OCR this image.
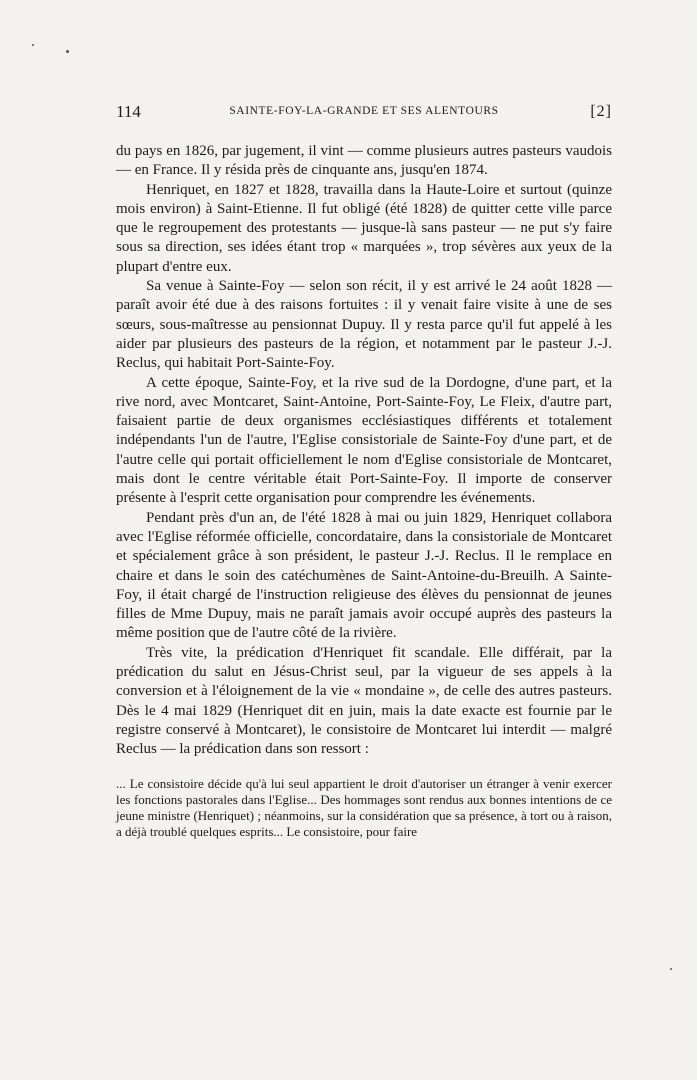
114	SAINTE-FOY-LA-GRANDE ET SES ALENTOURS	[2]

du pays en 1826, par jugement, il vint — comme plusieurs autres pasteurs vaudois — en France. Il y résida près de cinquante ans, jusqu'en 1874.

Henriquet, en 1827 et 1828, travailla dans la Haute-Loire et surtout (quinze mois environ) à Saint-Etienne. Il fut obligé (été 1828) de quitter cette ville parce que le regroupement des protestants — jusque-là sans pasteur — ne put s'y faire sous sa direction, ses idées étant trop « marquées », trop sévères aux yeux de la plupart d'entre eux.

Sa venue à Sainte-Foy — selon son récit, il y est arrivé le 24 août 1828 — paraît avoir été due à des raisons fortuites : il y venait faire visite à une de ses sœurs, sous-maîtresse au pensionnat Dupuy. Il y resta parce qu'il fut appelé à les aider par plusieurs des pasteurs de la région, et notamment par le pasteur J.-J. Reclus, qui habitait Port-Sainte-Foy.

A cette époque, Sainte-Foy, et la rive sud de la Dordogne, d'une part, et la rive nord, avec Montcaret, Saint-Antoine, Port-Sainte-Foy, Le Fleix, d'autre part, faisaient partie de deux organismes ecclésiastiques différents et totalement indépendants l'un de l'autre, l'Eglise consistoriale de Sainte-Foy d'une part, et de l'autre celle qui portait officiellement le nom d'Eglise consistoriale de Montcaret, mais dont le centre véritable était Port-Sainte-Foy. Il importe de conserver présente à l'esprit cette organisation pour comprendre les événements.

Pendant près d'un an, de l'été 1828 à mai ou juin 1829, Henriquet collabora avec l'Eglise réformée officielle, concordataire, dans la consistoriale de Montcaret et spécialement grâce à son président, le pasteur J.-J. Reclus. Il le remplace en chaire et dans le soin des catéchumènes de Saint-Antoine-du-Breuilh. A Sainte-Foy, il était chargé de l'instruction religieuse des élèves du pensionnat de jeunes filles de Mme Dupuy, mais ne paraît jamais avoir occupé auprès des pasteurs la même position que de l'autre côté de la rivière.

Très vite, la prédication d'Henriquet fit scandale. Elle différait, par la prédication du salut en Jésus-Christ seul, par la vigueur de ses appels à la conversion et à l'éloignement de la vie « mondaine », de celle des autres pasteurs. Dès le 4 mai 1829 (Henriquet dit en juin, mais la date exacte est fournie par le registre conservé à Montcaret), le consistoire de Montcaret lui interdit — malgré Reclus — la prédication dans son ressort :

... Le consistoire décide qu'à lui seul appartient le droit d'autoriser un étranger à venir exercer les fonctions pastorales dans l'Eglise... Des hommages sont rendus aux bonnes intentions de ce jeune ministre (Henriquet) ; néanmoins, sur la considération que sa présence, à tort ou à raison, a déjà troublé quelques esprits... Le consistoire, pour faire
